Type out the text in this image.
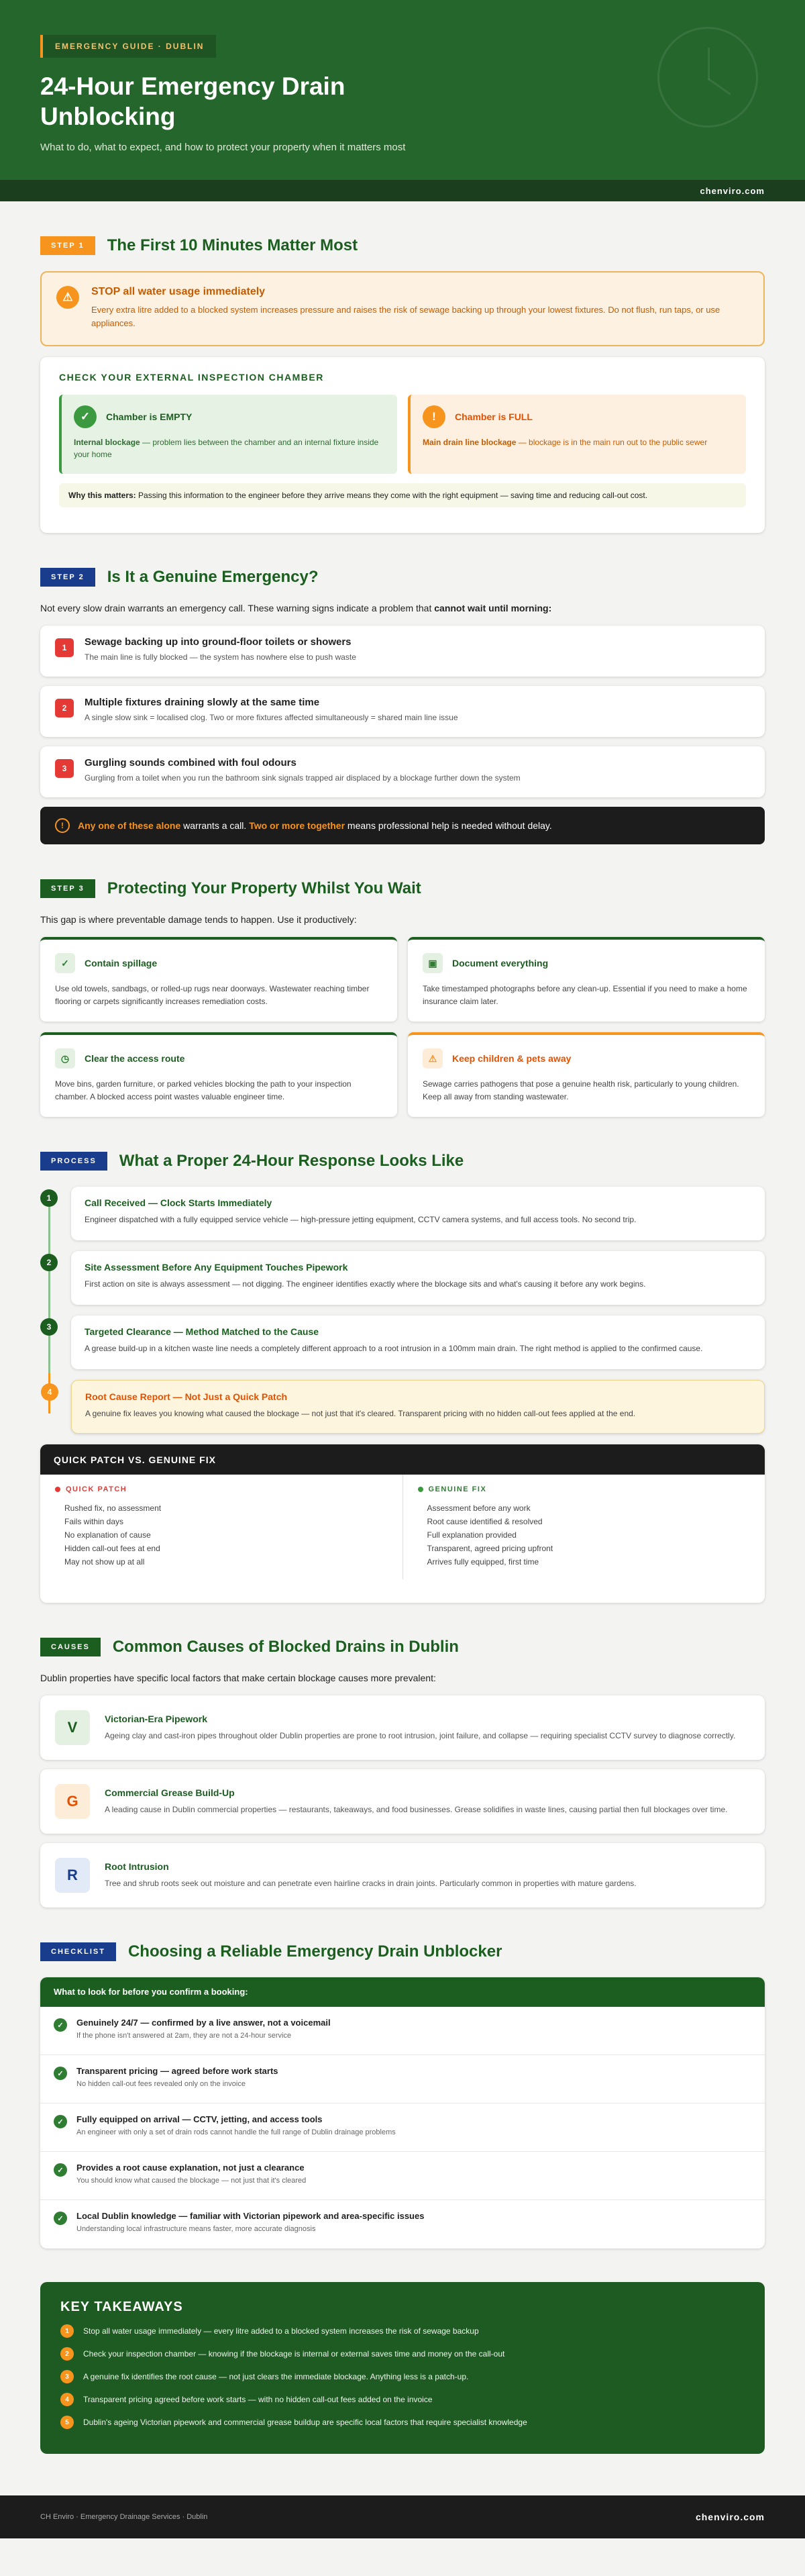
EMERGENCY GUIDE · DUBLIN
24-Hour Emergency Drain Unblocking

What to do, what to expect, and how to protect your property when it matters most

chenviro.com
STEP 1	The First 10 Minutes Matter Most
⚠	STOP all water usage immediately

Every extra litre added to a blocked system increases pressure and raises the risk of sewage backing up through your lowest fixtures. Do not flush, run taps, or use appliances.

CHECK YOUR EXTERNAL INSPECTION CHAMBER
✓	Chamber is EMPTY

Internal blockage — problem lies between the chamber and an internal fixture inside your home

!	Chamber is FULL

Main drain line blockage — blockage is in the main run out to the public sewer

Why this matters: Passing this information to the engineer before they arrive means they come with the right equipment — saving time and reducing call-out cost.
STEP 2	Is It a Genuine Emergency?

Not every slow drain warrants an emergency call. These warning signs indicate a problem that cannot wait until morning:

1	Sewage backing up into ground-floor toilets or showers

The main line is fully blocked — the system has nowhere else to push waste

2	Multiple fixtures draining slowly at the same time

A single slow sink = localised clog. Two or more fixtures affected simultaneously = shared main line issue

3	Gurgling sounds combined with foul odours

Gurgling from a toilet when you run the bathroom sink signals trapped air displaced by a blockage further down the system

!	Any one of these alone warrants a call. Two or more together means professional help is needed without delay.
STEP 3	Protecting Your Property Whilst You Wait

This gap is where preventable damage tends to happen. Use it productively:

✓	Contain spillage

Use old towels, sandbags, or rolled-up rugs near doorways. Wastewater reaching timber flooring or carpets significantly increases remediation costs.

▣	Document everything

Take timestamped photographs before any clean-up. Essential if you need to make a home insurance claim later.

◷	Clear the access route

Move bins, garden furniture, or parked vehicles blocking the path to your inspection chamber. A blocked access point wastes valuable engineer time.

⚠	Keep children & pets away

Sewage carries pathogens that pose a genuine health risk, particularly to young children. Keep all away from standing wastewater.

PROCESS	What a Proper 24-Hour Response Looks Like
1	Call Received — Clock Starts Immediately

Engineer dispatched with a fully equipped service vehicle — high-pressure jetting equipment, CCTV camera systems, and full access tools. No second trip.

2	Site Assessment Before Any Equipment Touches Pipework

First action on site is always assessment — not digging. The engineer identifies exactly where the blockage sits and what's causing it before any work begins.

3	Targeted Clearance — Method Matched to the Cause

A grease build-up in a kitchen waste line needs a completely different approach to a root intrusion in a 100mm main drain. The right method is applied to the confirmed cause.

4	Root Cause Report — Not Just a Quick Patch

A genuine fix leaves you knowing what caused the blockage — not just that it's cleared. Transparent pricing with no hidden call-out fees applied at the end.

QUICK PATCH VS. GENUINE FIX
QUICK PATCH
Rushed fix, no assessment
Fails within days
No explanation of cause
Hidden call-out fees at end
May not show up at all
GENUINE FIX
Assessment before any work
Root cause identified & resolved
Full explanation provided
Transparent, agreed pricing upfront
Arrives fully equipped, first time
CAUSES	Common Causes of Blocked Drains in Dublin

Dublin properties have specific local factors that make certain blockage causes more prevalent:

V
Victorian-Era Pipework

Ageing clay and cast-iron pipes throughout older Dublin properties are prone to root intrusion, joint failure, and collapse — requiring specialist CCTV survey to diagnose correctly.

G
Commercial Grease Build-Up

A leading cause in Dublin commercial properties — restaurants, takeaways, and food businesses. Grease solidifies in waste lines, causing partial then full blockages over time.

R
Root Intrusion

Tree and shrub roots seek out moisture and can penetrate even hairline cracks in drain joints. Particularly common in properties with mature gardens.

CHECKLIST	Choosing a Reliable Emergency Drain Unblocker
What to look for before you confirm a booking:
✓	Genuinely 24/7 — confirmed by a live answer, not a voicemail

If the phone isn't answered at 2am, they are not a 24-hour service

✓	Transparent pricing — agreed before work starts

No hidden call-out fees revealed only on the invoice

✓	Fully equipped on arrival — CCTV, jetting, and access tools

An engineer with only a set of drain rods cannot handle the full range of Dublin drainage problems

✓	Provides a root cause explanation, not just a clearance

You should know what caused the blockage — not just that it's cleared

✓	Local Dublin knowledge — familiar with Victorian pipework and area-specific issues

Understanding local infrastructure means faster, more accurate diagnosis

KEY TAKEAWAYS
1	Stop all water usage immediately — every litre added to a blocked system increases the risk of sewage backup
2	Check your inspection chamber — knowing if the blockage is internal or external saves time and money on the call-out
3	A genuine fix identifies the root cause — not just clears the immediate blockage. Anything less is a patch-up.
4	Transparent pricing agreed before work starts — with no hidden call-out fees added on the invoice
5	Dublin's ageing Victorian pipework and commercial grease buildup are specific local factors that require specialist knowledge
CH Enviro · Emergency Drainage Services · Dublin	chenviro.com
